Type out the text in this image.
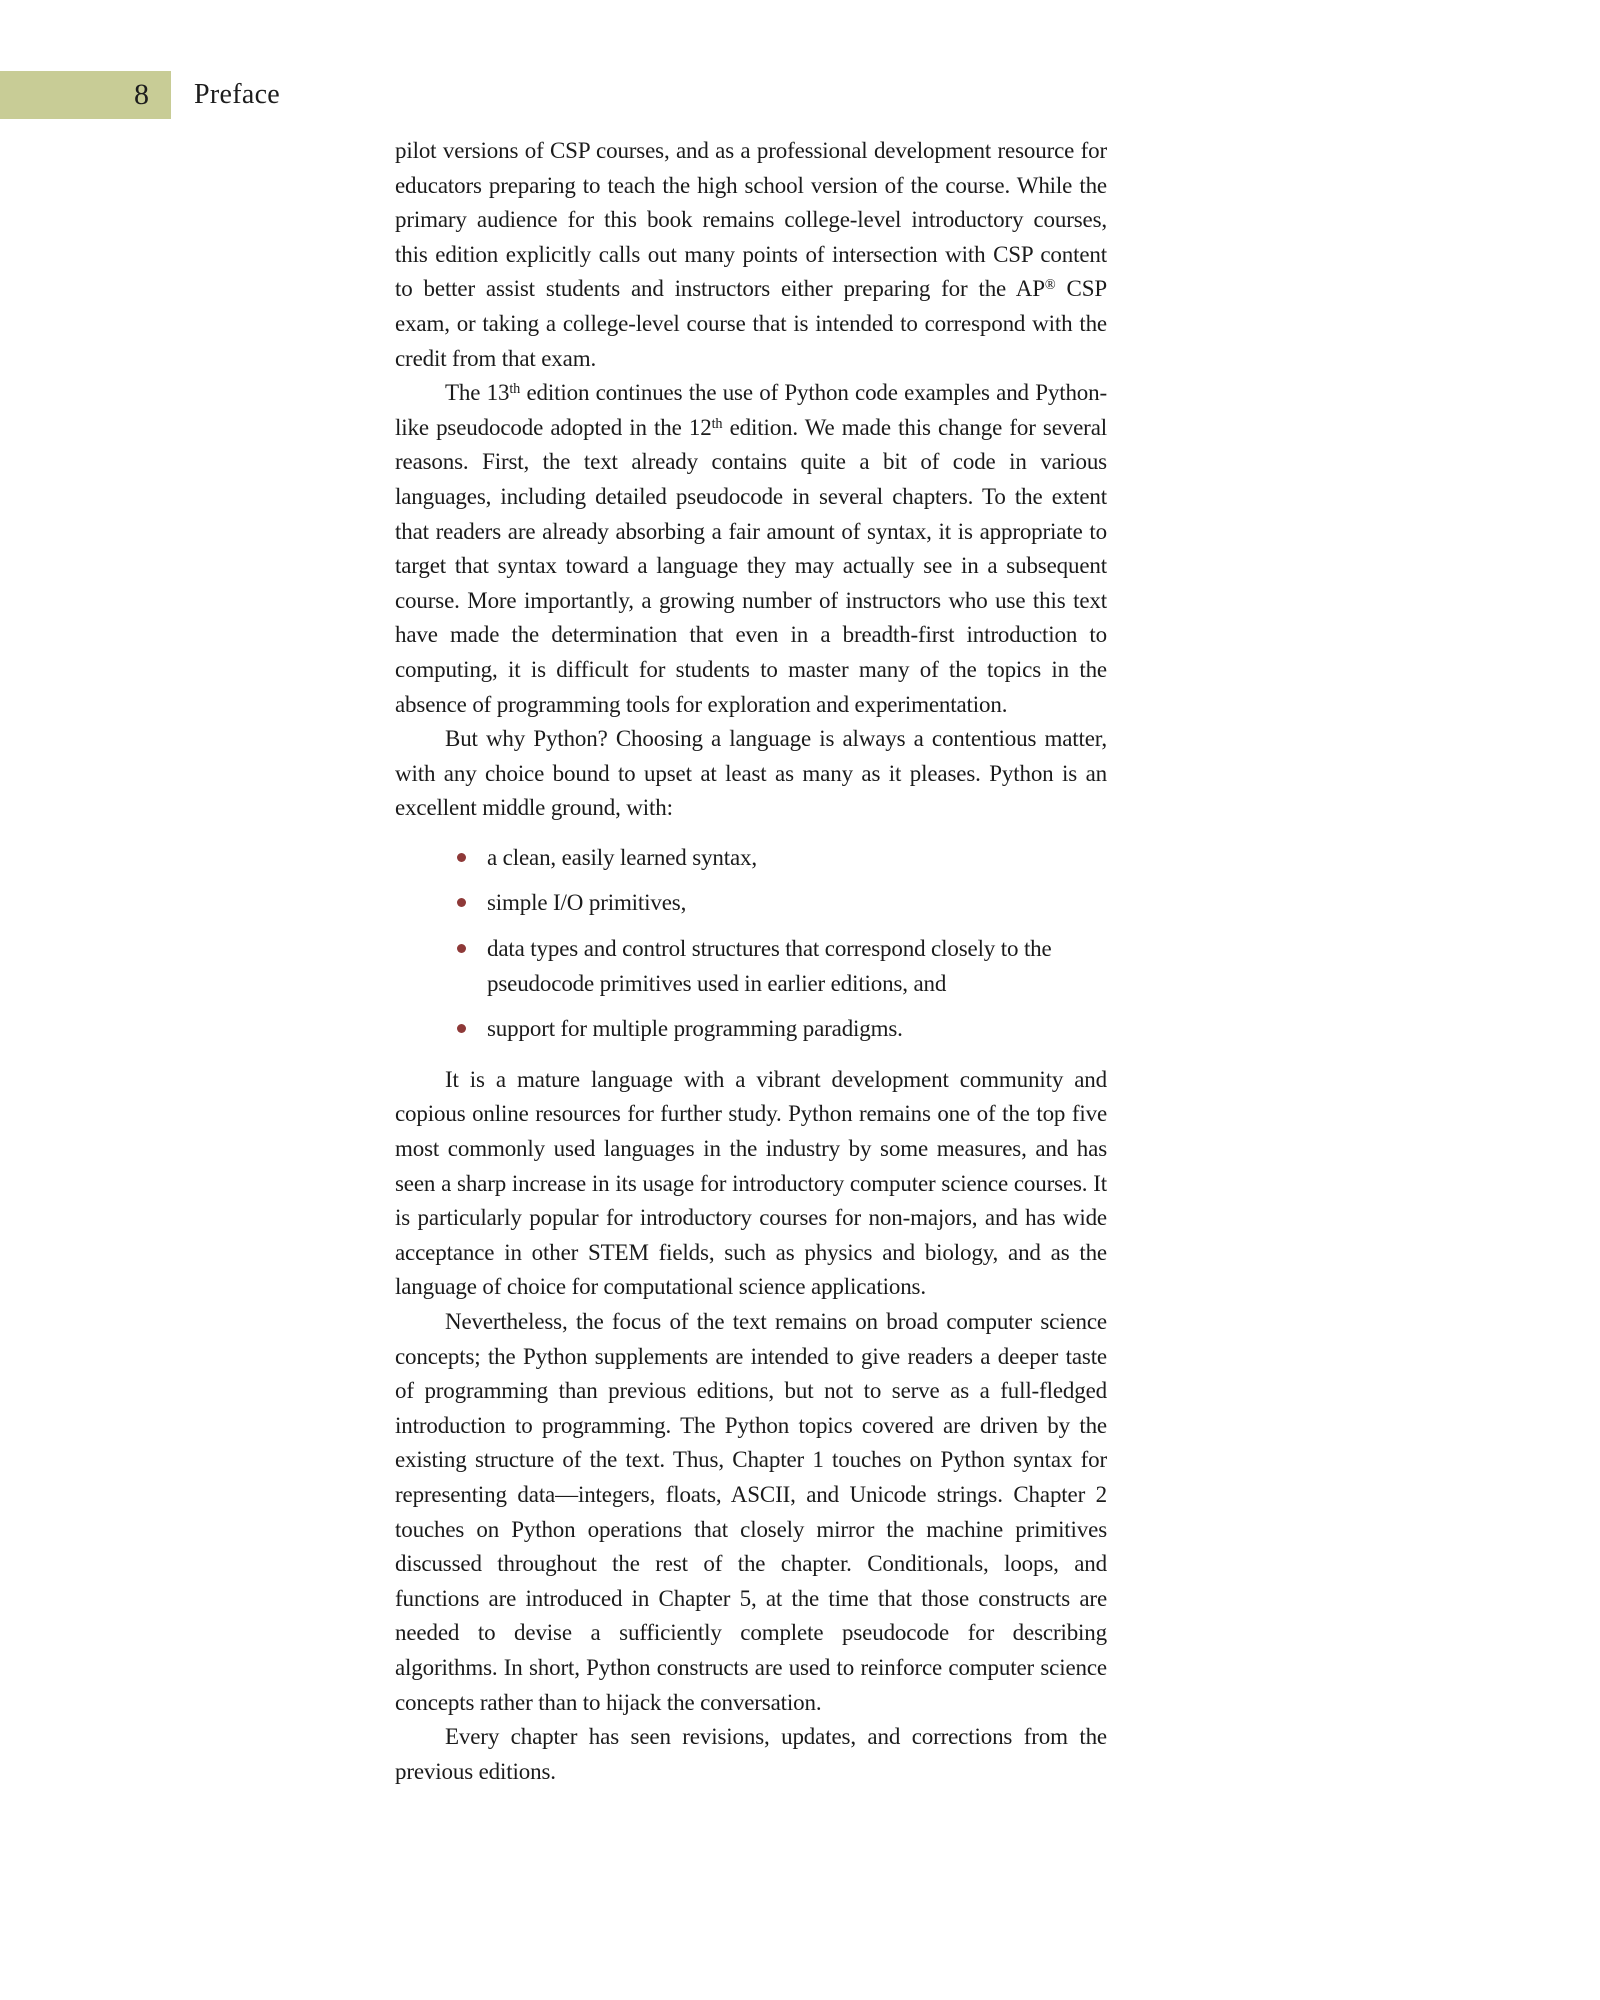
8 Preface

pilot versions of CSP courses, and as a professional development resource for educators preparing to teach the high school version of the course. While the primary audience for this book remains college-level introductory courses, this edition explicitly calls out many points of intersection with CSP content to better assist students and instructors either preparing for the AP® CSP exam, or taking a college-level course that is intended to correspond with the credit from that exam.

The 13th edition continues the use of Python code examples and Python-like pseudocode adopted in the 12th edition. We made this change for several reasons. First, the text already contains quite a bit of code in various languages, including detailed pseudocode in several chapters. To the extent that readers are already absorbing a fair amount of syntax, it is appropriate to target that syntax toward a language they may actually see in a subsequent course. More importantly, a growing number of instructors who use this text have made the determination that even in a breadth-first introduction to computing, it is difficult for students to master many of the topics in the absence of programming tools for exploration and experimentation.

But why Python? Choosing a language is always a contentious matter, with any choice bound to upset at least as many as it pleases. Python is an excellent middle ground, with:

a clean, easily learned syntax,
simple I/O primitives,
data types and control structures that correspond closely to the pseudocode primitives used in earlier editions, and
support for multiple programming paradigms.

It is a mature language with a vibrant development community and copious online resources for further study. Python remains one of the top five most commonly used languages in the industry by some measures, and has seen a sharp increase in its usage for introductory computer science courses. It is particularly popular for introductory courses for non-majors, and has wide acceptance in other STEM fields, such as physics and biology, and as the language of choice for computational science applications.

Nevertheless, the focus of the text remains on broad computer science concepts; the Python supplements are intended to give readers a deeper taste of programming than previous editions, but not to serve as a full-fledged introduction to programming. The Python topics covered are driven by the existing structure of the text. Thus, Chapter 1 touches on Python syntax for representing data—integers, floats, ASCII, and Unicode strings. Chapter 2 touches on Python operations that closely mirror the machine primitives discussed throughout the rest of the chapter. Conditionals, loops, and functions are introduced in Chapter 5, at the time that those constructs are needed to devise a sufficiently complete pseudocode for describing algorithms. In short, Python constructs are used to reinforce computer science concepts rather than to hijack the conversation.

Every chapter has seen revisions, updates, and corrections from the previous editions.
